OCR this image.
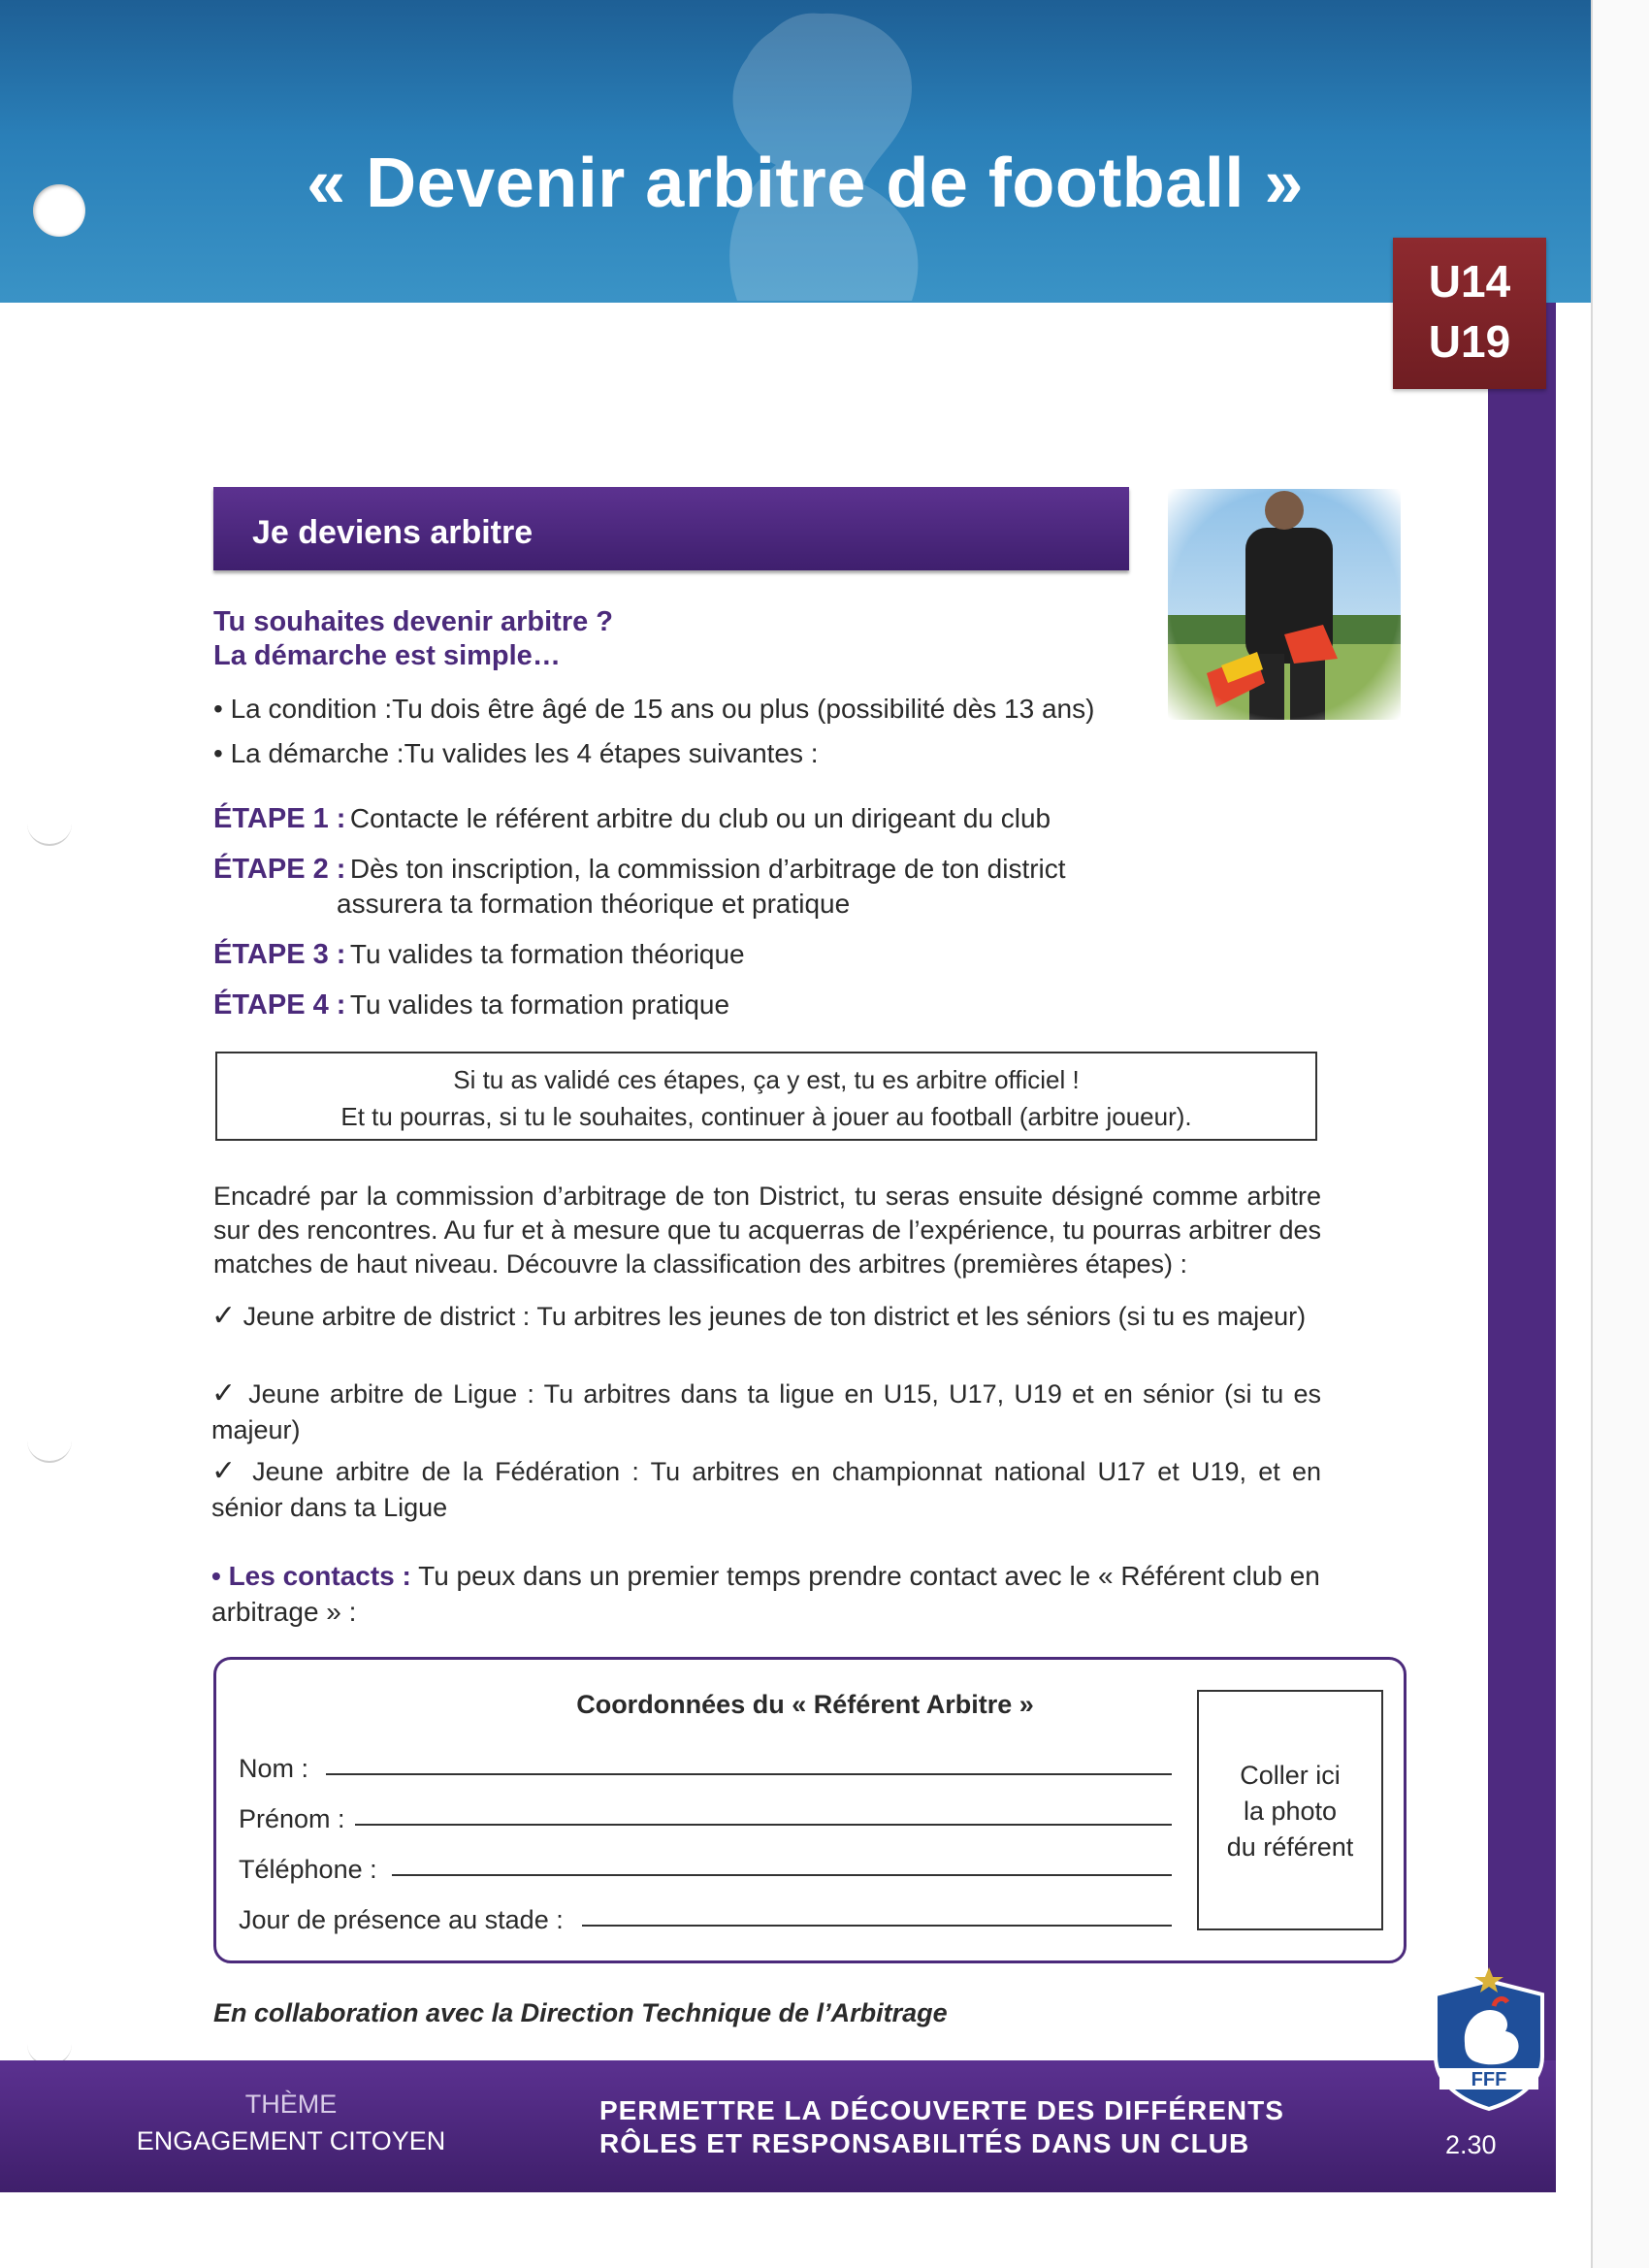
« Devenir arbitre de football »
U14
U19
Je deviens arbitre
Tu souhaites devenir arbitre ?
La démarche est simple…
• La condition :Tu dois être âgé de 15 ans ou plus (possibilité dès 13 ans)
• La démarche :Tu valides les 4 étapes suivantes :
ÉTAPE 1 : Contacte le référent arbitre du club ou un dirigeant du club
ÉTAPE 2 : Dès ton inscription, la commission d’arbitrage de ton district
assurera ta formation théorique et pratique
ÉTAPE 3 : Tu valides ta formation théorique
ÉTAPE 4 : Tu valides ta formation pratique
Si tu as validé ces étapes, ça y est, tu es arbitre officiel !
Et tu pourras, si tu le souhaites, continuer à jouer au football (arbitre joueur).
Encadré par la commission d’arbitrage de ton District, tu seras ensuite désigné comme arbitre sur des rencontres. Au fur et à mesure que tu acquerras de l’expérience, tu pourras arbitrer des matches de haut niveau. Découvre la classification des arbitres (premières étapes) :
✓ Jeune arbitre de district : Tu arbitres les jeunes de ton district et les séniors (si tu es majeur)
✓ Jeune arbitre de Ligue : Tu arbitres dans ta ligue en U15, U17, U19 et en sénior (si tu es majeur)
✓ Jeune arbitre de la Fédération : Tu arbitres en championnat national U17 et U19, et en sénior dans ta Ligue
• Les contacts : Tu peux dans un premier temps prendre contact avec le « Référent club en arbitrage » :
Coordonnées du « Référent Arbitre »
Nom :
Prénom :
Téléphone :
Jour de présence au stade :
Coller ici
la photo
du référent
En collaboration avec la Direction Technique de l’Arbitrage
THÈME
ENGAGEMENT CITOYEN
PERMETTRE LA DÉCOUVERTE DES DIFFÉRENTS
RÔLES ET RESPONSABILITÉS DANS UN CLUB	2.30
FFF
